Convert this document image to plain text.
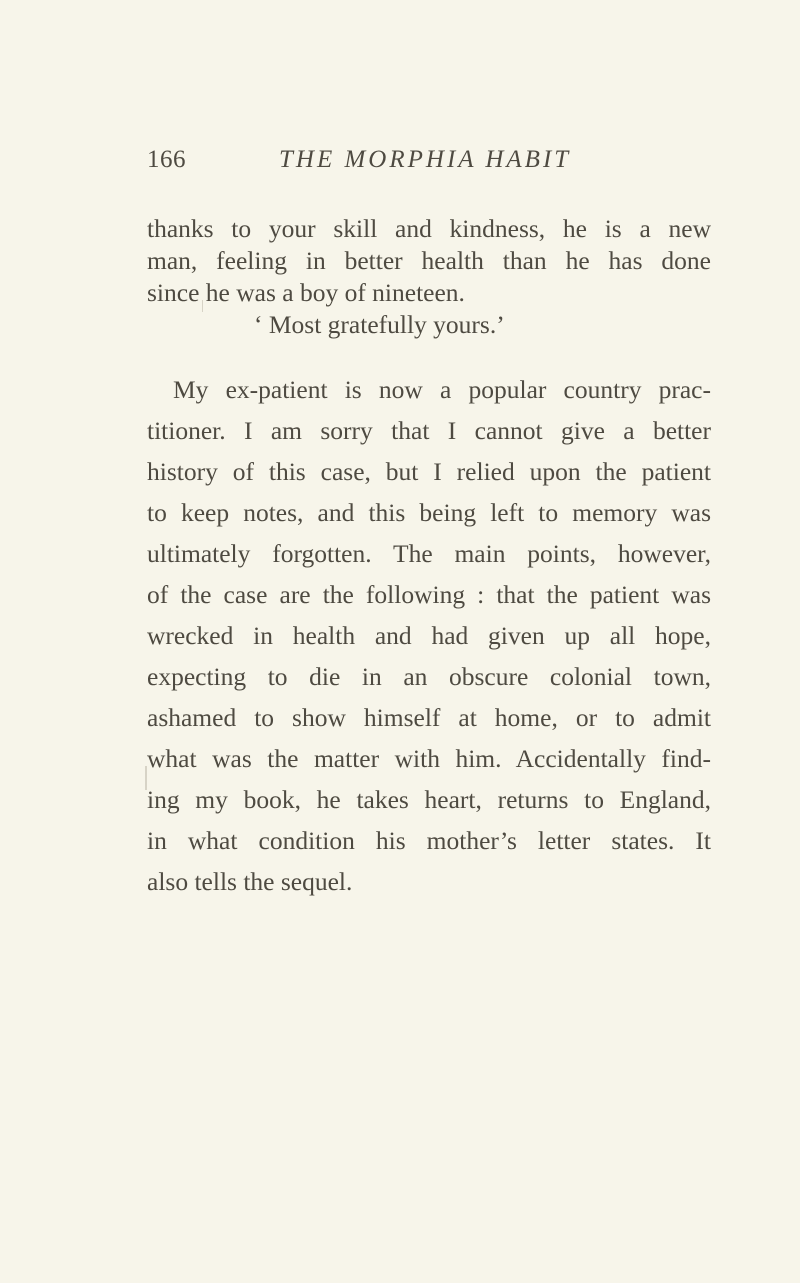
166	THE MORPHIA HABIT
thanks to your skill and kindness, he is a new
man, feeling in better health than he has done
since he was a boy of nineteen.
‘ Most gratefully yours.’
My ex-patient is now a popular country prac-
titioner. I am sorry that I cannot give a better
history of this case, but I relied upon the patient
to keep notes, and this being left to memory was
ultimately forgotten. The main points, however,
of the case are the following : that the patient was
wrecked in health and had given up all hope,
expecting to die in an obscure colonial town,
ashamed to show himself at home, or to admit
what was the matter with him. Accidentally find-
ing my book, he takes heart, returns to England,
in what condition his mother’s letter states. It
also tells the sequel.
